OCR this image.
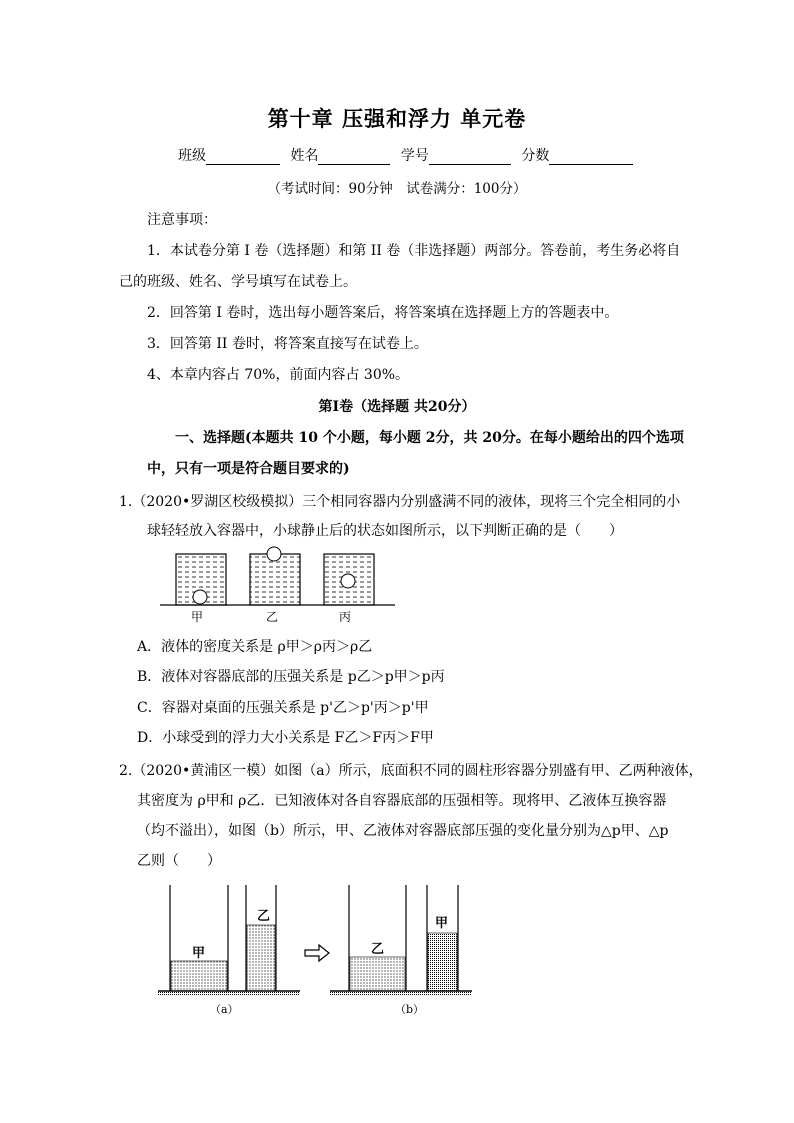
第十章 压强和浮力 单元卷
班级	姓名	学号	分数
（考试时间：90分钟　试卷满分：100分）
注意事项：
1．本试卷分第 I 卷（选择题）和第 II 卷（非选择题）两部分。答卷前，考生务必将自
己的班级、姓名、学号填写在试卷上。
2．回答第 I 卷时，选出每小题答案后，将答案填在选择题上方的答题表中。
3．回答第 II 卷时，将答案直接写在试卷上。
4、本章内容占 70%，前面内容占 30%。
第Ⅰ卷（选择题 共20分）
一、选择题(本题共 10 个小题，每小题 2分，共 20分。在每小题给出的四个选项
中，只有一项是符合题目要求的)
1.（2020•罗湖区校级模拟）三个相同容器内分别盛满不同的液体，现将三个完全相同的小
球轻轻放入容器中，小球静止后的状态如图所示，以下判断正确的是（　　）
甲	乙	丙
A．液体的密度关系是 ρ甲＞ρ丙＞ρ乙
B．液体对容器底部的压强关系是 p乙＞p甲＞p丙
C．容器对桌面的压强关系是 p'乙＞p'丙＞p'甲
D．小球受到的浮力大小关系是 F乙＞F丙＞F甲
2.（2020•黄浦区一模）如图（a）所示，底面积不同的圆柱形容器分别盛有甲、乙两种液体，
其密度为 ρ甲和 ρ乙．已知液体对各自容器底部的压强相等。现将甲、乙液体互换容器
（均不溢出），如图（b）所示，甲、乙液体对容器底部压强的变化量分别为△p甲、△p
乙则（　　）
甲
乙
乙
甲
（a）	（b）
